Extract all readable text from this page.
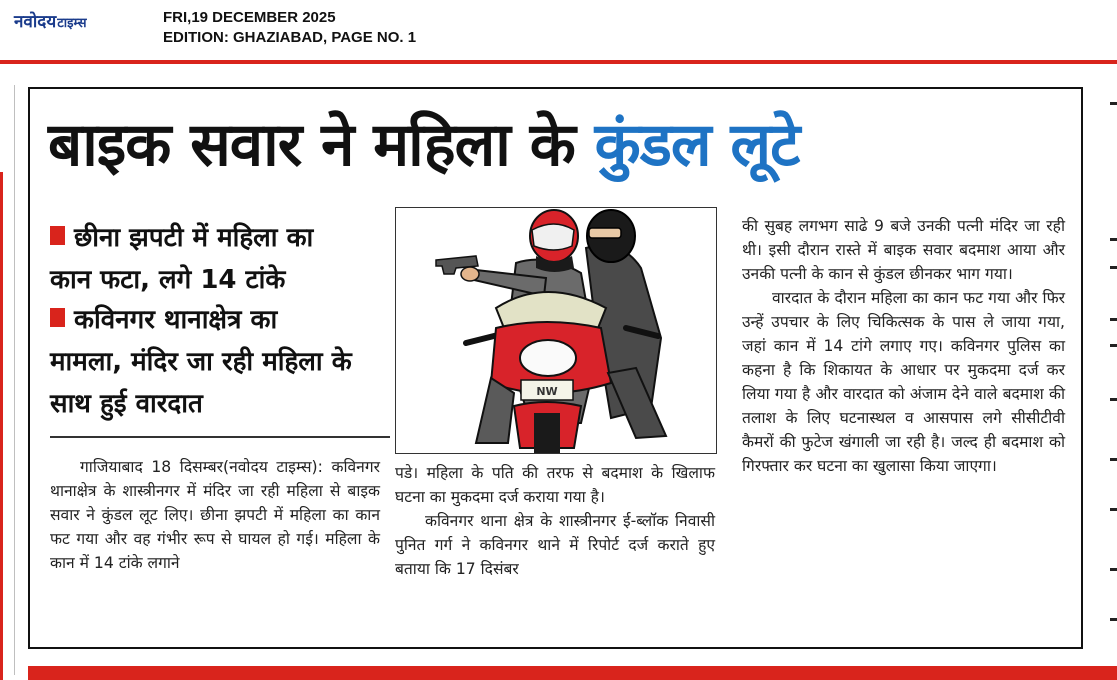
नवोदयटाइम्स	FRI,19 DECEMBER 2025
EDITION: GHAZIABAD, PAGE NO. 1
बाइक सवार ने महिला के कुंडल लूटे
छीना झपटी में महिला का
कान फटा, लगे 14 टांके
कविनगर थानाक्षेत्र का
मामला, मंदिर जा रही महिला के साथ हुई वारदात

गाजियाबाद 18 दिसम्बर(नवोदय टाइम्स): कविनगर थानाक्षेत्र के शास्त्रीनगर में मंदिर जा रही महिला से बाइक सवार ने कुंडल लूट लिए। छीना झपटी में महिला का कान फट गया और वह गंभीर रूप से घायल हो गई। महिला के कान में 14 टांके लगाने

NW

पडे। महिला के पति की तरफ से बदमाश के खिलाफ घटना का मुकदमा दर्ज कराया गया है।

कविनगर थाना क्षेत्र के शास्त्रीनगर ई-ब्लॉक निवासी पुनित गर्ग ने कविनगर थाने में रिपोर्ट दर्ज कराते हुए बताया कि 17 दिसंबर

की सुबह लगभग साढे 9 बजे उनकी पत्नी मंदिर जा रही थी। इसी दौरान रास्ते में बाइक सवार बदमाश आया और उनकी पत्नी के कान से कुंडल छीनकर भाग गया।

वारदात के दौरान महिला का कान फट गया और फिर उन्हें उपचार के लिए चिकित्सक के पास ले जाया गया, जहां कान में 14 टांगे लगाए गए। कविनगर पुलिस का कहना है कि शिकायत के आधार पर मुकदमा दर्ज कर लिया गया है और वारदात को अंजाम देने वाले बदमाश की तलाश के लिए घटनास्थल व आसपास लगे सीसीटीवी कैमरों की फुटेज खंगाली जा रही है। जल्द ही बदमाश को गिरफ्तार कर घटना का खुलासा किया जाएगा।
